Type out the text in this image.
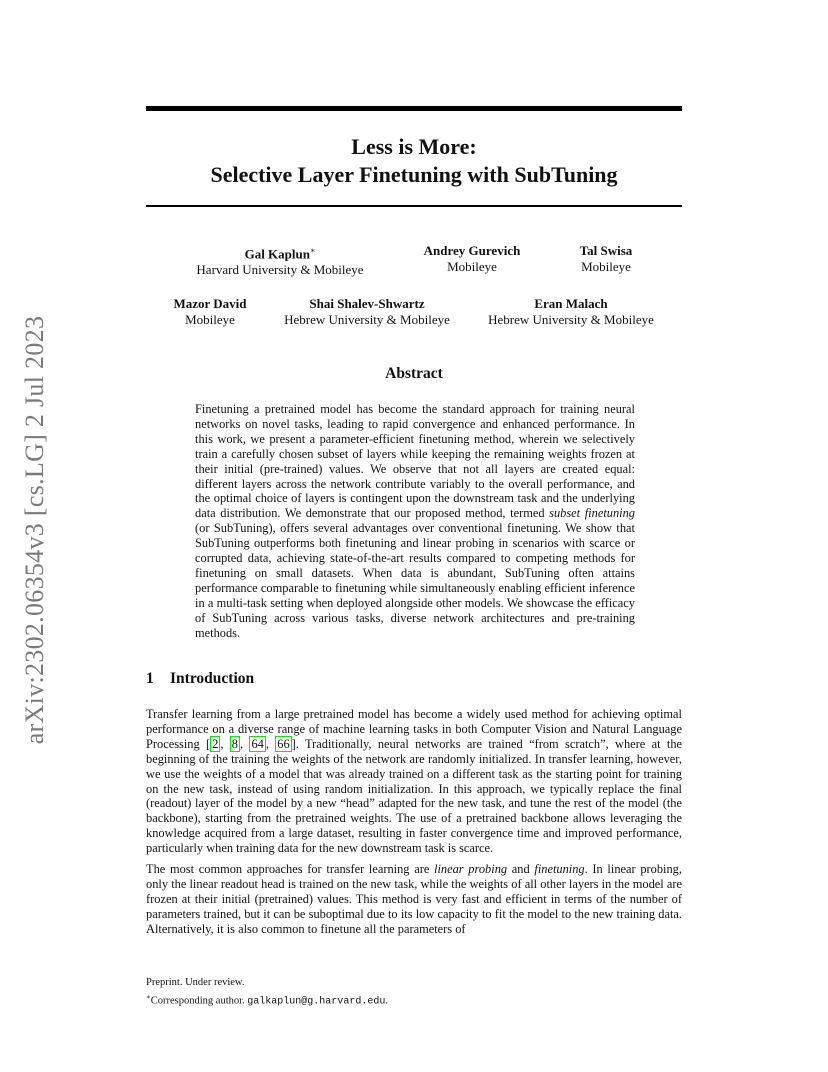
arXiv:2302.06354v3 [cs.LG] 2 Jul 2023
Less is More:
Selective Layer Finetuning with SubTuning
Gal Kaplun∗
Harvard University & Mobileye
Andrey Gurevich
Mobileye
Tal Swisa
Mobileye
Mazor David
Mobileye
Shai Shalev-Shwartz
Hebrew University & Mobileye
Eran Malach
Hebrew University & Mobileye
Abstract
Finetuning a pretrained model has become the standard approach for training neural networks on novel tasks, leading to rapid convergence and enhanced performance. In this work, we present a parameter-efficient finetuning method, wherein we selectively train a carefully chosen subset of layers while keeping the remaining weights frozen at their initial (pre-trained) values. We observe that not all layers are created equal: different layers across the network contribute variably to the overall performance, and the optimal choice of layers is contingent upon the downstream task and the underlying data distribution. We demonstrate that our proposed method, termed subset finetuning (or SubTuning), offers several advantages over conventional finetuning. We show that SubTuning outperforms both finetuning and linear probing in scenarios with scarce or corrupted data, achieving state-of-the-art results compared to competing methods for finetuning on small datasets. When data is abundant, SubTuning often attains performance comparable to finetuning while simultaneously enabling efficient inference in a multi-task setting when deployed alongside other models. We showcase the efficacy of SubTuning across various tasks, diverse network architectures and pre-training methods.
1 Introduction

Transfer learning from a large pretrained model has become a widely used method for achieving optimal performance on a diverse range of machine learning tasks in both Computer Vision and Natural Language Processing [ 2 , 8 , 64 , 66 ]. Traditionally, neural networks are trained “from scratch”, where at the beginning of the training the weights of the network are randomly initialized. In transfer learning, however, we use the weights of a model that was already trained on a different task as the starting point for training on the new task, instead of using random initialization. In this approach, we typically replace the final (readout) layer of the model by a new “head” adapted for the new task, and tune the rest of the model (the backbone), starting from the pretrained weights. The use of a pretrained backbone allows leveraging the knowledge acquired from a large dataset, resulting in faster convergence time and improved performance, particularly when training data for the new downstream task is scarce.

The most common approaches for transfer learning are linear probing and finetuning. In linear probing, only the linear readout head is trained on the new task, while the weights of all other layers in the model are frozen at their initial (pretrained) values. This method is very fast and efficient in terms of the number of parameters trained, but it can be suboptimal due to its low capacity to fit the model to the new training data. Alternatively, it is also common to finetune all the parameters of

Preprint. Under review.
∗Corresponding author. galkaplun@g.harvard.edu.
